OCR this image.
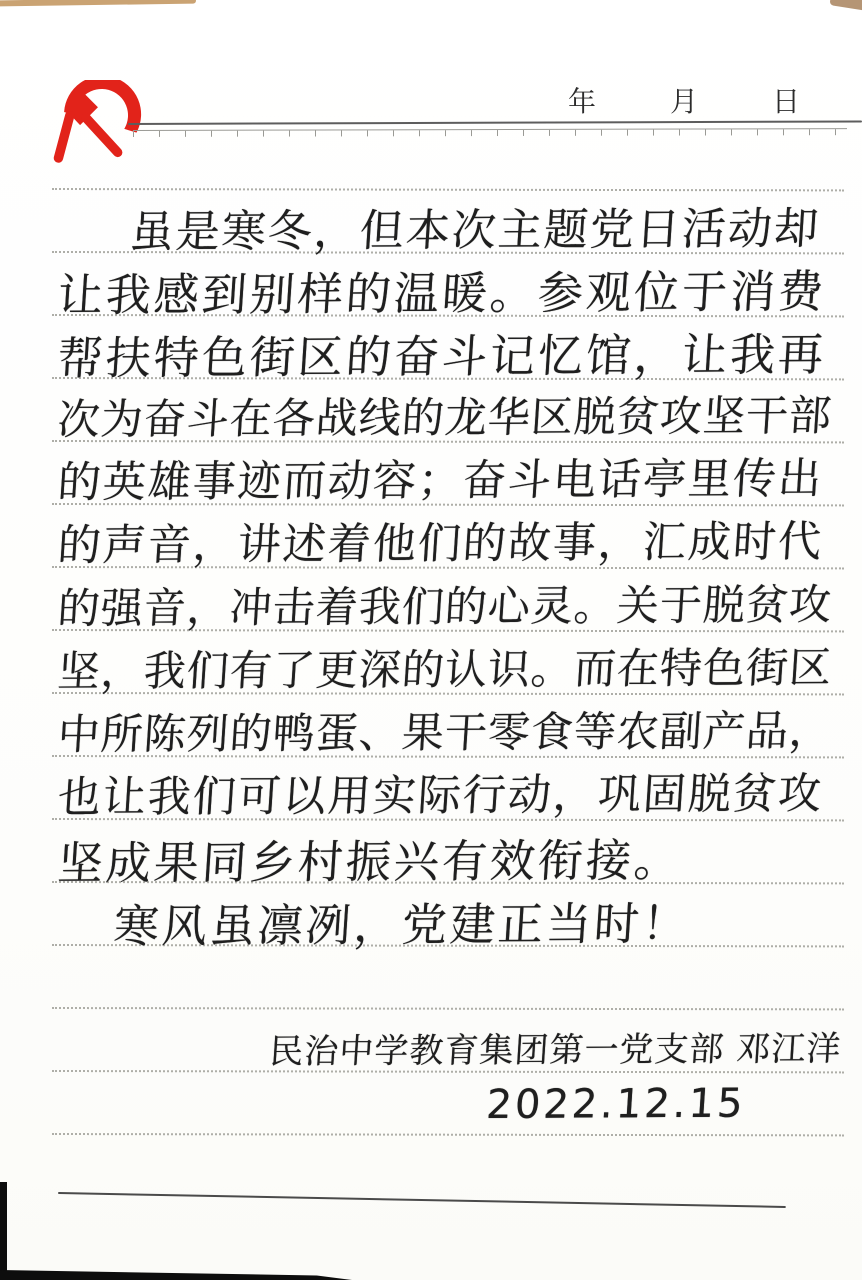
年	月	日
虽是寒冬，但本次主题党日活动却
让我感到别样的温暖。参观位于消费
帮扶特色街区的奋斗记忆馆，让我再
次为奋斗在各战线的龙华区脱贫攻坚干部
的英雄事迹而动容；奋斗电话亭里传出
的声音，讲述着他们的故事，汇成时代
的强音，冲击着我们的心灵。关于脱贫攻
坚，我们有了更深的认识。而在特色街区
中所陈列的鸭蛋、果干零食等农副产品，
也让我们可以用实际行动，巩固脱贫攻
坚成果同乡村振兴有效衔接。
寒风虽凛冽，党建正当时！
民治中学教育集团第一党支部 邓江洋
2022.12.15
